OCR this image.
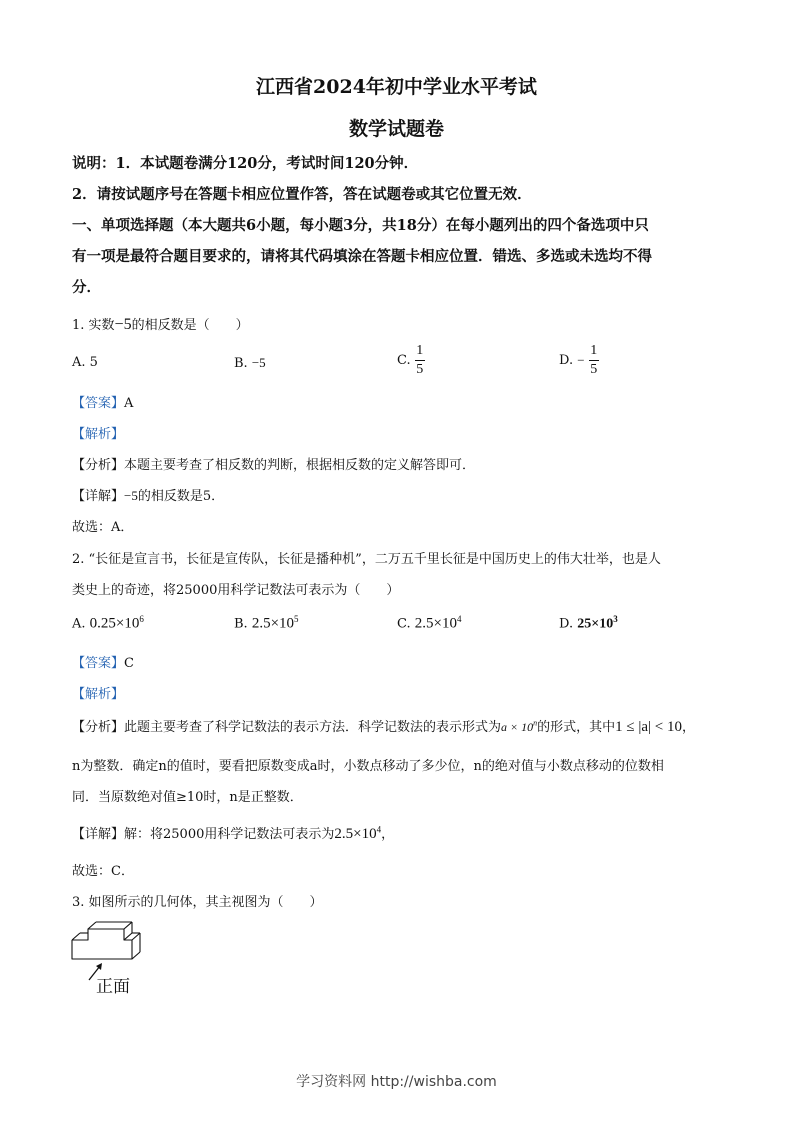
江西省2024年初中学业水平考试
数学试题卷
说明：1．本试题卷满分120分，考试时间120分钟．
2．请按试题序号在答题卡相应位置作答，答在试题卷或其它位置无效．
一、单项选择题（本大题共6小题，每小题3分，共18分）在每小题列出的四个备选项中只
有一项是最符合题目要求的，请将其代码填涂在答题卡相应位置．错选、多选或未选均不得
分．
1. 实数−5的相反数是（　　）
A. 5	B. −5	C. $\frac{1}{5}$	D. − $\frac{1}{5}$
【答案】A
【解析】
【分析】本题主要考查了相反数的判断，根据相反数的定义解答即可．
【详解】−5的相反数是5．
故选：A．
2. “长征是宣言书，长征是宣传队，长征是播种机”，二万五千里长征是中国历史上的伟大壮举，也是人
类史上的奇迹，将25000用科学记数法可表示为（　　）
A. $0.25\times 10^6$	B. $2.5\times 10^5$	C. $2.5\times 10^4$	D. $25\times 10^3$
【答案】C
【解析】
【分析】此题主要考查了科学记数法的表示方法．科学记数法的表示形式为$a \times 10^n$的形式，其中1 ≤ |a| < 10，
n为整数．确定n的值时，要看把原数变成a时，小数点移动了多少位，n的绝对值与小数点移动的位数相
同．当原数绝对值≥10时，n是正整数．
【详解】解：将25000用科学记数法可表示为$2.5\times 10^4$，
故选：C．
3. 如图所示的几何体，其主视图为（　　）
正面
学习资料网 http://wishba.com
